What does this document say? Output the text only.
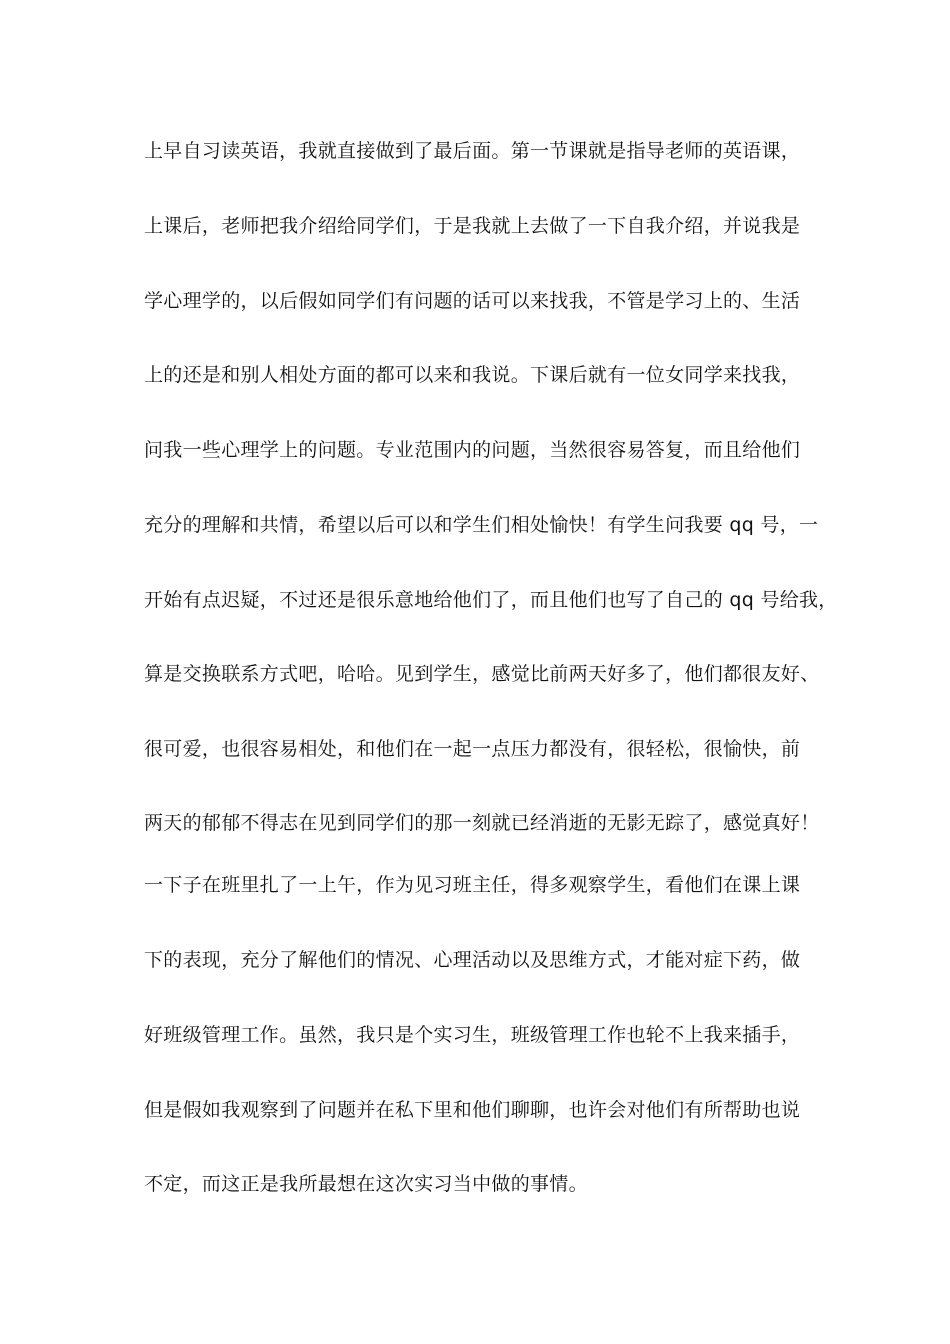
上早自习读英语，我就直接做到了最后面。第一节课就是指导老师的英语课，
上课后，老师把我介绍给同学们，于是我就上去做了一下自我介绍，并说我是
学心理学的，以后假如同学们有问题的话可以来找我，不管是学习上的、生活
上的还是和别人相处方面的都可以来和我说。下课后就有一位女同学来找我，
问我一些心理学上的问题。专业范围内的问题，当然很容易答复，而且给他们
充分的理解和共情，希望以后可以和学生们相处愉快！有学生问我要 qq 号，一
开始有点迟疑，不过还是很乐意地给他们了，而且他们也写了自己的 qq 号给我，
算是交换联系方式吧，哈哈。见到学生，感觉比前两天好多了，他们都很友好、
很可爱，也很容易相处，和他们在一起一点压力都没有，很轻松，很愉快，前
两天的郁郁不得志在见到同学们的那一刻就已经消逝的无影无踪了，感觉真好！
一下子在班里扎了一上午，作为见习班主任，得多观察学生，看他们在课上课
下的表现，充分了解他们的情况、心理活动以及思维方式，才能对症下药，做
好班级管理工作。虽然，我只是个实习生，班级管理工作也轮不上我来插手，
但是假如我观察到了问题并在私下里和他们聊聊，也许会对他们有所帮助也说
不定，而这正是我所最想在这次实习当中做的事情。
